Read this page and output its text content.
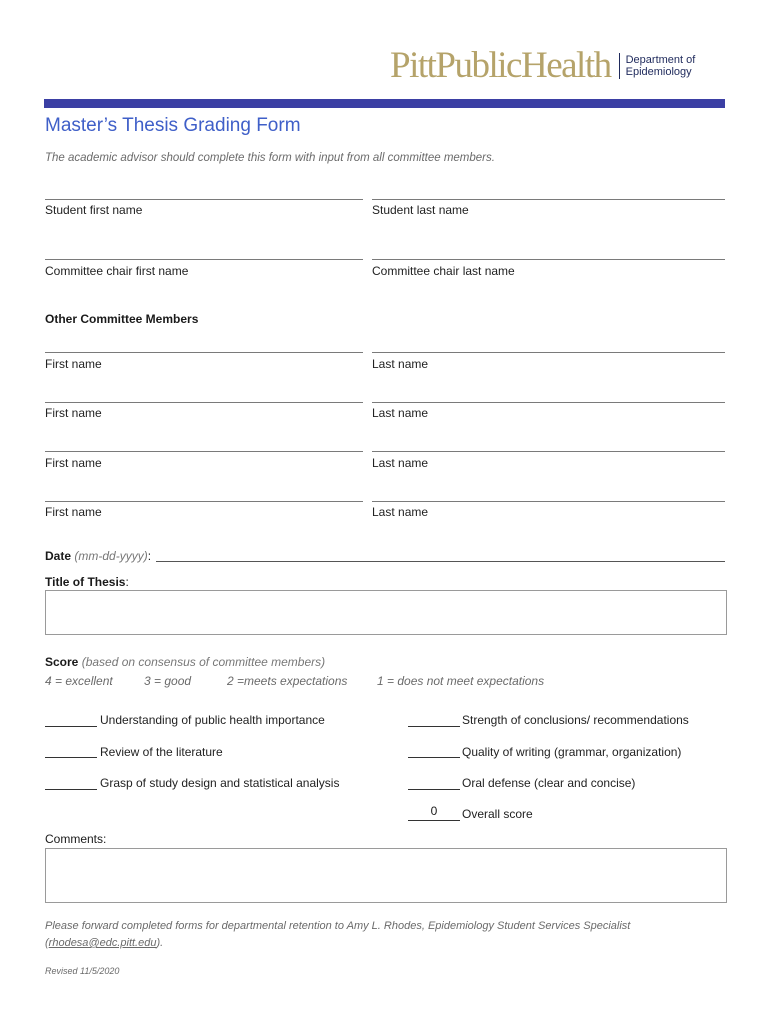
PittPublicHealth Department of
Epidemiology
Master’s Thesis Grading Form
The academic advisor should complete this form with input from all committee members.
Student first name	Student last name
Committee chair first name	Committee chair last name
Other Committee Members
First name	Last name
First name	Last name
First name	Last name
First name	Last name
Date (mm-dd-yyyy):
Title of Thesis:
Score (based on consensus of committee members)
4 = excellent	3 = good	2 =meets expectations 1 = does not meet expectations
Understanding of public health importance
Review of the literature
Grasp of study design and statistical analysis
Strength of conclusions/ recommendations
Quality of writing (grammar, organization)
Oral defense (clear and concise)
0	Overall score
Comments:
Please forward completed forms for departmental retention to Amy L. Rhodes, Epidemiology Student Services Specialist
(rhodesa@edc.pitt.edu).
Revised 11/5/2020
